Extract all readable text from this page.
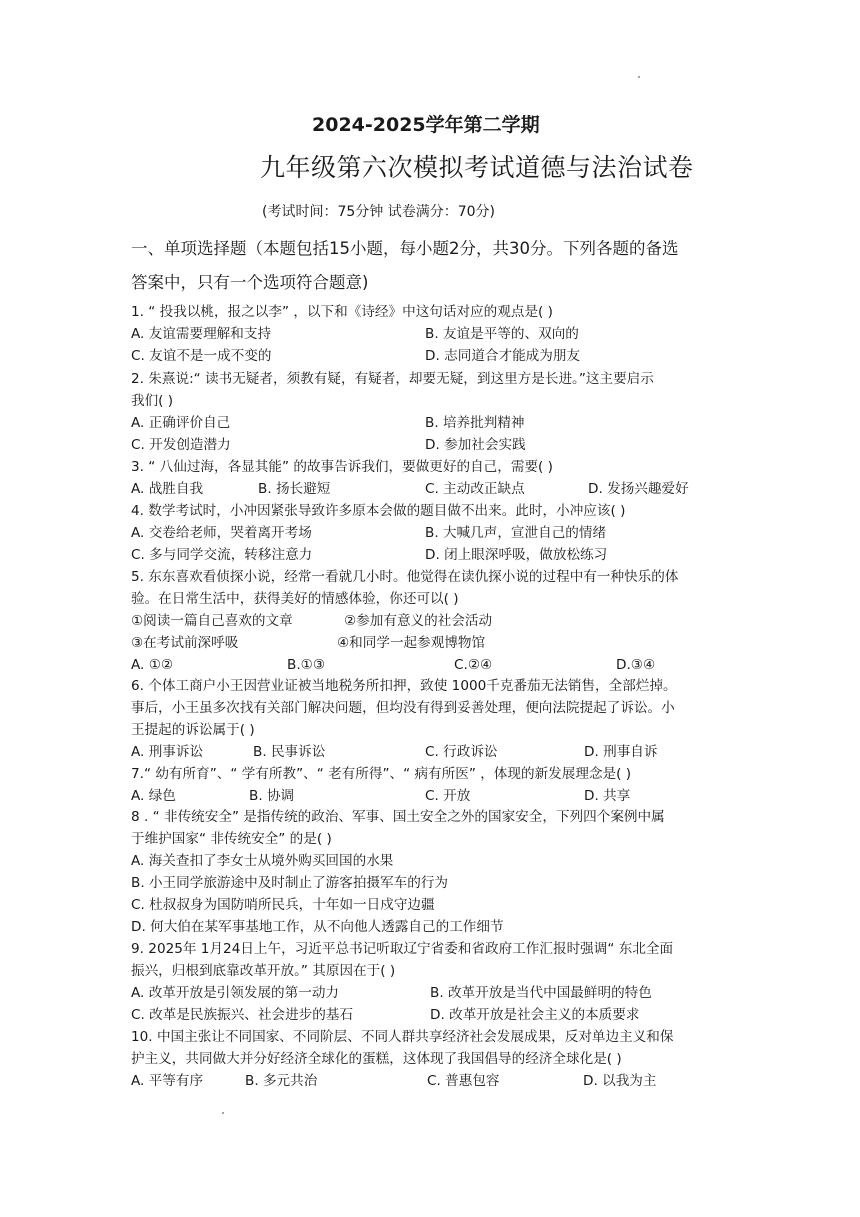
2024-2025学年第二学期
九年级第六次模拟考试道德与法治试卷
(考试时间：75分钟 试卷满分：70分)
一、单项选择题（本题包括15小题，每小题2分，共30分。下列各题的备选
答案中，只有一个选项符合题意)
1. “ 投我以桃，报之以李” ，以下和《诗经》中这句话对应的观点是( )
A. 友谊需要理解和支持	B. 友谊是平等的、双向的
C. 友谊不是一成不变的	D. 志同道合才能成为朋友
2. 朱熹说:“ 读书无疑者，须教有疑，有疑者，却要无疑，到这里方是长进。”这主要启示
我们( )
A. 正确评价自己	B. 培养批判精神
C. 开发创造潜力	D. 参加社会实践
3. “ 八仙过海，各显其能” 的故事告诉我们，要做更好的自己，需要( )
A. 战胜自我	B. 扬长避短	C. 主动改正缺点	D. 发扬兴趣爱好
4. 数学考试时，小冲因紧张导致许多原本会做的题目做不出来。此时，小冲应该( )
A. 交卷给老师，哭着离开考场	B. 大喊几声，宣泄自己的情绪
C. 多与同学交流，转移注意力	D. 闭上眼深呼吸，做放松练习
5. 东东喜欢看侦探小说，经常一看就几小时。他觉得在读仇探小说的过程中有一种快乐的体
验。在日常生活中，获得美好的情感体验，你还可以( )
①阅读一篇自己喜欢的文章	②参加有意义的社会活动
③在考试前深呼吸	④和同学一起参观博物馆
A. ①②	B.①③	C.②④	D.③④
6. 个体工商户小王因营业证被当地税务所扣押，致使 1000千克番茄无法销售，全部烂掉。
事后，小王虽多次找有关部门解决问题，但均没有得到妥善处理，便向法院提起了诉讼。小
王提起的诉讼属于( )
A. 刑事诉讼	B. 民事诉讼	C. 行政诉讼	D. 刑事自诉
7.“ 幼有所育”、“ 学有所教”、“ 老有所得”、“ 病有所医” ，体现的新发展理念是( )
A. 绿色	B. 协调	C. 开放	D. 共享
8 . “ 非传统安全” 是指传统的政治、军事、国土安全之外的国家安全，下列四个案例中属
于维护国家“ 非传统安全” 的是( )
A. 海关查扣了李女士从境外购买回国的水果
B. 小王同学旅游途中及时制止了游客拍摄军车的行为
C. 杜叔叔身为国防哨所民兵，十年如一日戍守边疆
D. 何大伯在某军事基地工作，从不向他人透露自己的工作细节
9. 2025年 1月24日上午，习近平总书记听取辽宁省委和省政府工作汇报时强调“ 东北全面
振兴，归根到底靠改革开放。” 其原因在于( )
A. 改革开放是引领发展的第一动力	B. 改革开放是当代中国最鲜明的特色
C. 改革是民族振兴、社会进步的基石	D. 改革开放是社会主义的本质要求
10. 中国主张让不同国家、不同阶层、不同人群共享经济社会发展成果，反对单边主义和保
护主义，共同做大并分好经济全球化的蛋糕，这体现了我国倡导的经济全球化是( )
A. 平等有序	B. 多元共治	C. 普惠包容	D. 以我为主
